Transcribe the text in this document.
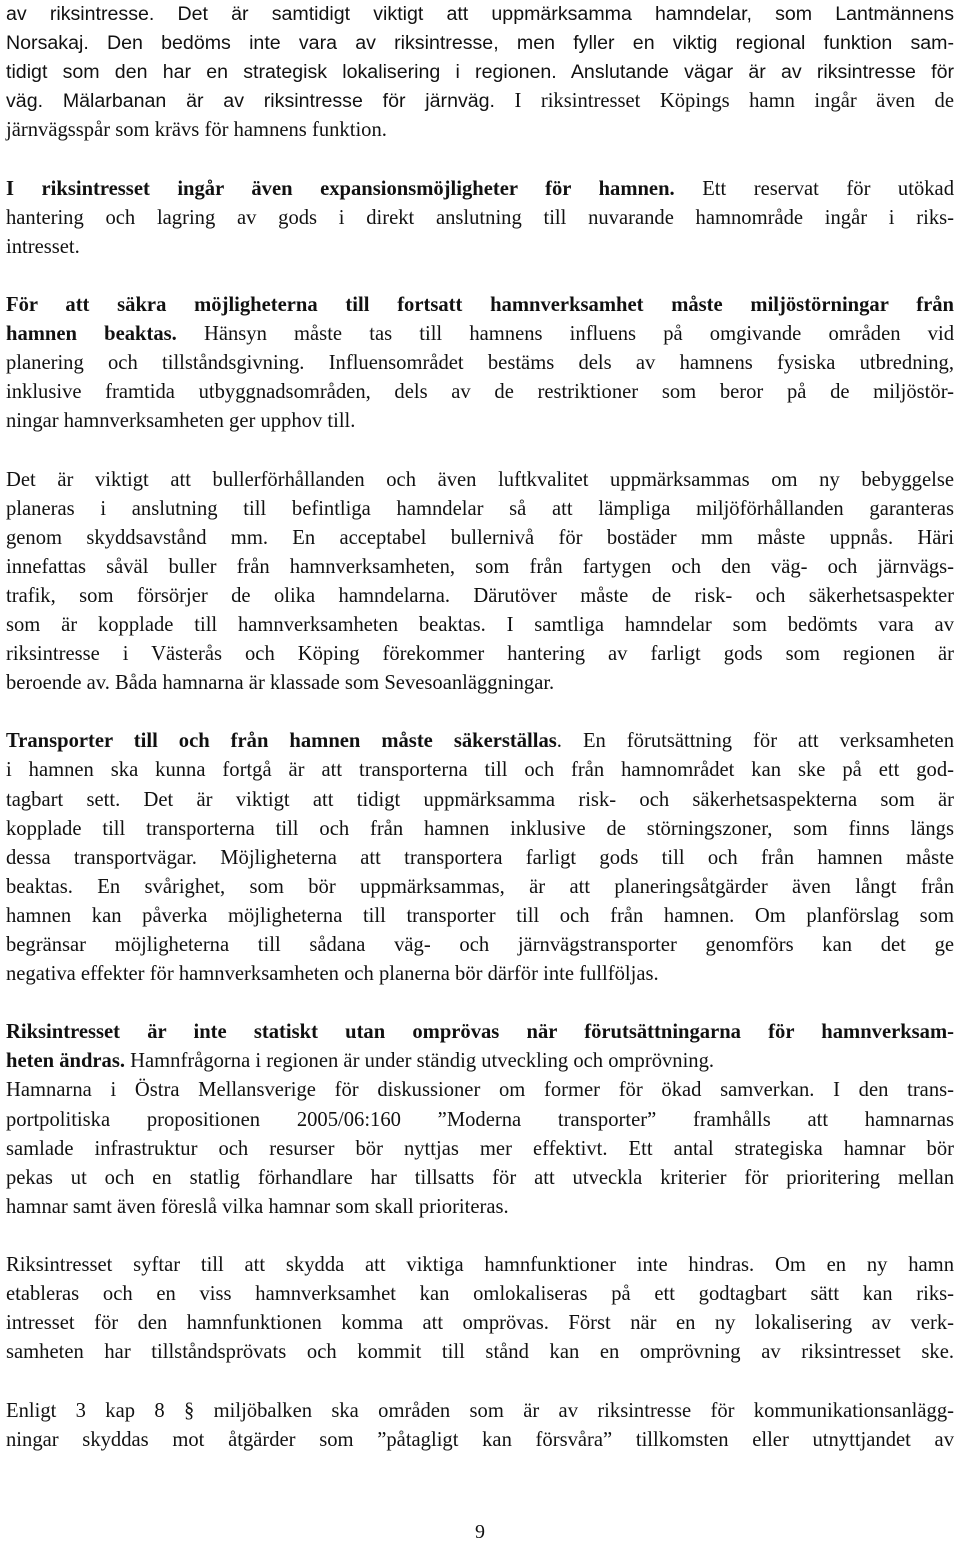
av riksintresse. Det är samtidigt viktigt att uppmärksamma hamndelar, som Lantmännens
Norsakaj. Den bedöms inte vara av riksintresse, men fyller en viktig regional funktion sam-
tidigt som den har en strategisk lokalisering i regionen. Anslutande vägar är av riksintresse för
väg. Mälarbanan är av riksintresse för järnväg. I riksintresset Köpings hamn ingår även de
järnvägsspår som krävs för hamnens funktion.
I riksintresset ingår även expansionsmöjligheter för hamnen. Ett reservat för utökad
hantering och lagring av gods i direkt anslutning till nuvarande hamnområde ingår i riks-
intresset.
För att säkra möjligheterna till fortsatt hamnverksamhet måste miljöstörningar från
hamnen beaktas. Hänsyn måste tas till hamnens influens på omgivande områden vid
planering och tillståndsgivning. Influensområdet bestäms dels av hamnens fysiska utbredning,
inklusive framtida utbyggnadsområden, dels av de restriktioner som beror på de miljöstör-
ningar hamnverksamheten ger upphov till.
Det är viktigt att bullerförhållanden och även luftkvalitet uppmärksammas om ny bebyggelse
planeras i anslutning till befintliga hamndelar så att lämpliga miljöförhållanden garanteras
genom skyddsavstånd mm. En acceptabel bullernivå för bostäder mm måste uppnås. Häri
innefattas såväl buller från hamnverksamheten, som från fartygen och den väg- och järnvägs-
trafik, som försörjer de olika hamndelarna. Därutöver måste de risk- och säkerhetsaspekter
som är kopplade till hamnverksamheten beaktas. I samtliga hamndelar som bedömts vara av
riksintresse i Västerås och Köping förekommer hantering av farligt gods som regionen är
beroende av. Båda hamnarna är klassade som Sevesoanläggningar.
Transporter till och från hamnen måste säkerställas. En förutsättning för att verksamheten
i hamnen ska kunna fortgå är att transporterna till och från hamnområdet kan ske på ett god-
tagbart sett. Det är viktigt att tidigt uppmärksamma risk- och säkerhetsaspekterna som är
kopplade till transporterna till och från hamnen inklusive de störningszoner, som finns längs
dessa transportvägar. Möjligheterna att transportera farligt gods till och från hamnen måste
beaktas. En svårighet, som bör uppmärksammas, är att planeringsåtgärder även långt från
hamnen kan påverka möjligheterna till transporter till och från hamnen. Om planförslag som
begränsar möjligheterna till sådana väg- och järnvägstransporter genomförs kan det ge
negativa effekter för hamnverksamheten och planerna bör därför inte fullföljas.
Riksintresset är inte statiskt utan omprövas när förutsättningarna för hamnverksam-
heten ändras. Hamnfrågorna i regionen är under ständig utveckling och omprövning.
Hamnarna i Östra Mellansverige för diskussioner om former för ökad samverkan. I den trans-
portpolitiska propositionen 2005/06:160 ”Moderna transporter” framhålls att hamnarnas
samlade infrastruktur och resurser bör nyttjas mer effektivt. Ett antal strategiska hamnar bör
pekas ut och en statlig förhandlare har tillsatts för att utveckla kriterier för prioritering mellan
hamnar samt även föreslå vilka hamnar som skall prioriteras.
Riksintresset syftar till att skydda att viktiga hamnfunktioner inte hindras. Om en ny hamn
etableras och en viss hamnverksamhet kan omlokaliseras på ett godtagbart sätt kan riks-
intresset för den hamnfunktionen komma att omprövas. Först när en ny lokalisering av verk-
samheten har tillståndsprövats och kommit till stånd kan en omprövning av riksintresset ske.
Enligt 3 kap 8 § miljöbalken ska områden som är av riksintresse för kommunikationsanlägg-
ningar skyddas mot åtgärder som ”påtagligt kan försvåra” tillkomsten eller utnyttjandet av
9
